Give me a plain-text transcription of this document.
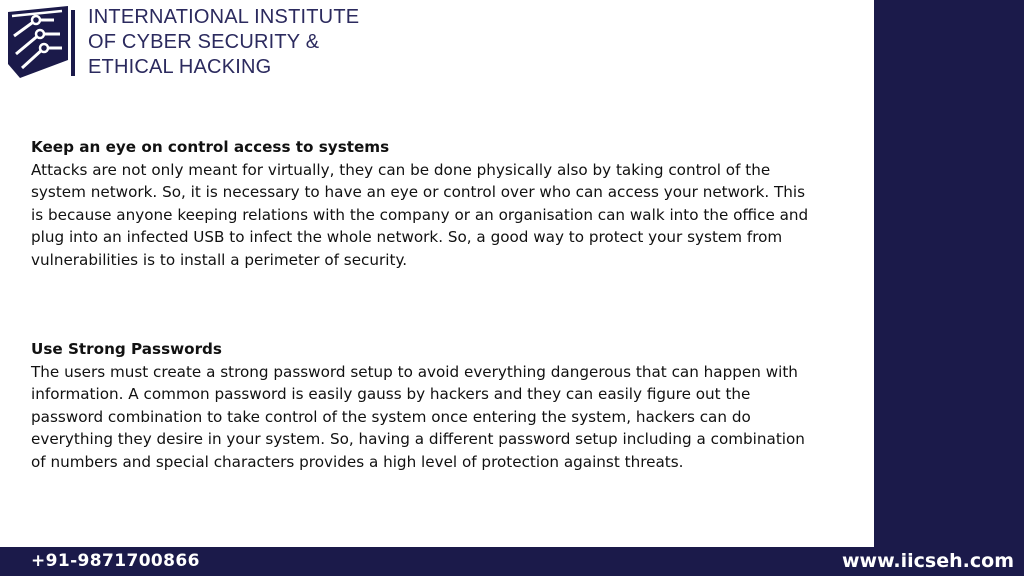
INTERNATIONAL INSTITUTE
OF CYBER SECURITY &
ETHICAL HACKING
Keep an eye on control access to systems

Attacks are not only meant for virtually, they can be done physically also by taking control of the system network. So, it is necessary to have an eye or control over who can access your network. This is because anyone keeping relations with the company or an organisation can walk into the office and plug into an infected USB to infect the whole network. So, a good way to protect your system from vulnerabilities is to install a perimeter of security.

Use Strong Passwords

The users must create a strong password setup to avoid everything dangerous that can happen with information. A common password is easily gauss by hackers and they can easily figure out the password combination to take control of the system once entering the system, hackers can do everything they desire in your system. So, having a different password setup including a combination of numbers and special characters provides a high level of protection against threats.

+91-9871700866	www.iicseh.com
